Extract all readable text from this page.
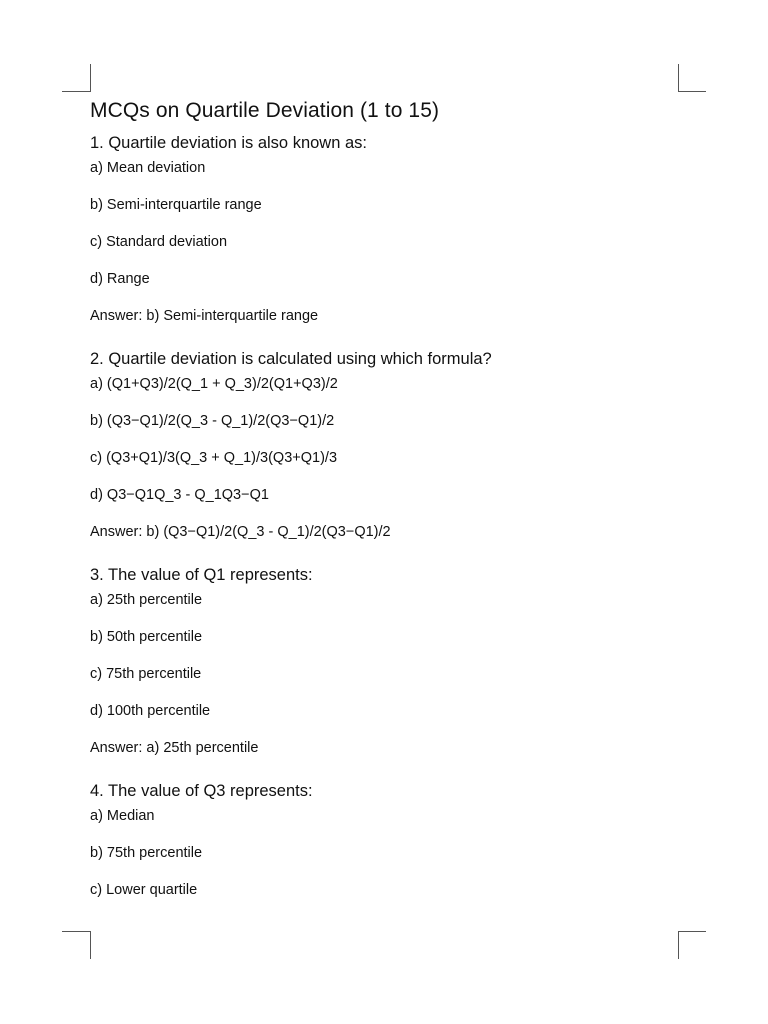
MCQs on Quartile Deviation (1 to 15)

1. Quartile deviation is also known as:

a) Mean deviation

b) Semi-interquartile range

c) Standard deviation

d) Range

Answer: b) Semi-interquartile range

2. Quartile deviation is calculated using which formula?

a) (Q1+Q3)/2(Q_1 + Q_3)/2(Q1+Q3)/2

b) (Q3−Q1)/2(Q_3 - Q_1)/2(Q3−Q1)/2

c) (Q3+Q1)/3(Q_3 + Q_1)/3(Q3+Q1)/3

d) Q3−Q1Q_3 - Q_1Q3−Q1

Answer: b) (Q3−Q1)/2(Q_3 - Q_1)/2(Q3−Q1)/2

3. The value of Q1 represents:

a) 25th percentile

b) 50th percentile

c) 75th percentile

d) 100th percentile

Answer: a) 25th percentile

4. The value of Q3 represents:

a) Median

b) 75th percentile

c) Lower quartile
